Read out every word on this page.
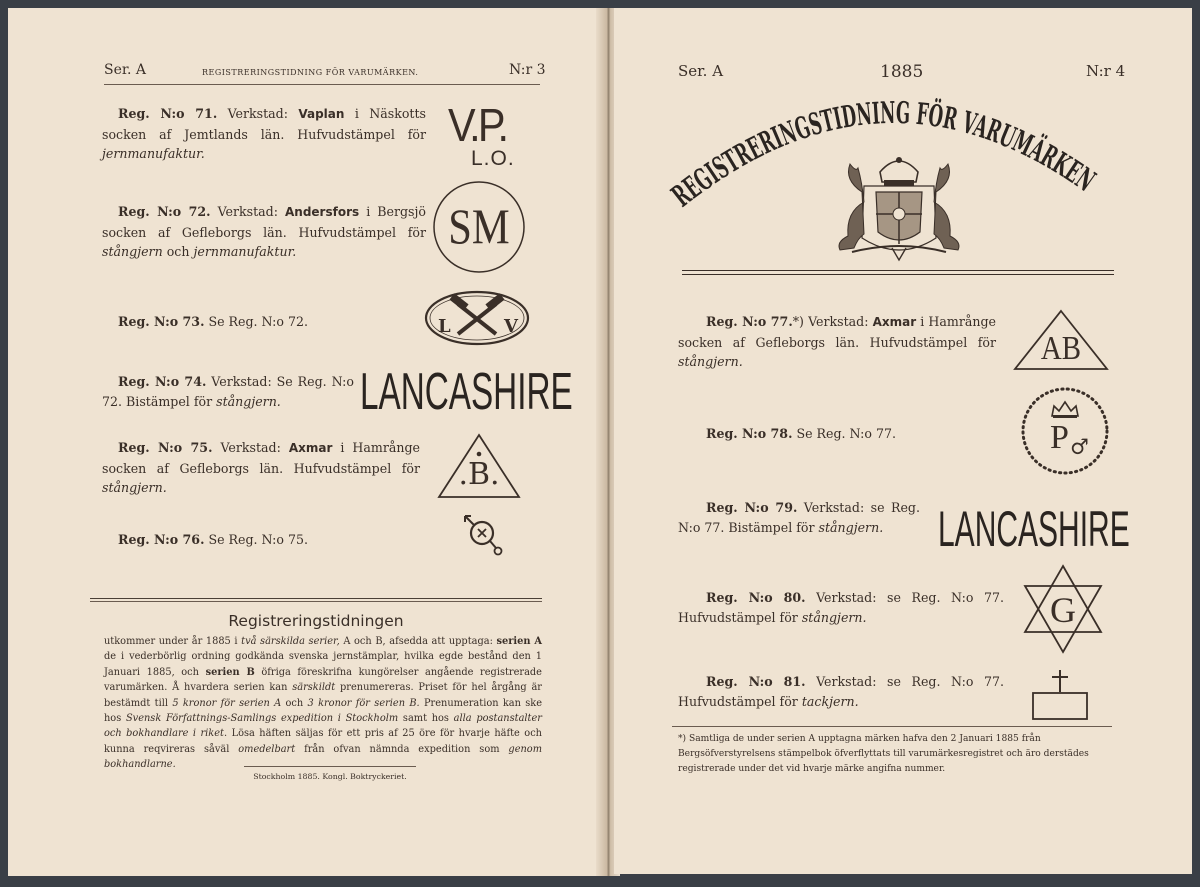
Ser. A	REGISTRERINGSTIDNING FÖR VARUMÄRKEN.	N:r 3
Reg. N:o 71. Verkstad: Vaplan i Näskotts socken af Jemtlands län. Hufvudstämpel för jernmanufaktur.
V.P.
L.O.
Reg. N:o 72. Verkstad: Andersfors i Bergsjö socken af Gefleborgs län. Hufvudstämpel för stångjern och jernmanufaktur.	SM
Reg. N:o 73. Se Reg. N:o 72.	L	V
Reg. N:o 74. Verkstad: Se Reg. N:o 72. Bistämpel för stångjern.	LANCASHIRE
Reg. N:o 75. Verkstad: Axmar i Hamrånge socken af Gefleborgs län. Hufvudstämpel för stångjern.	.B.
Reg. N:o 76. Se Reg. N:o 75.
Registreringstidningen
utkommer under år 1885 i två särskilda serier, A och B, afsedda att upptaga: serien A de i vederbörlig ordning godkända svenska jernstämplar, hvilka egde bestånd den 1 Januari 1885, och serien B öfriga föreskrifna kungörelser angående registrerade varumärken. Å hvardera serien kan särskildt prenumereras. Priset för hel årgång är bestämdt till 5 kronor för serien A och 3 kronor för serien B. Prenumeration kan ske hos Svensk Författnings-Samlings expedition i Stockholm samt hos alla postanstalter och bokhandlare i riket. Lösa häften säljas för ett pris af 25 öre för hvarje häfte och kunna reqvireras såväl omedelbart från ofvan nämnda expedition som genom bokhandlarne.
Stockholm 1885. Kongl. Boktryckeriet.
Ser. A	1885	N:r 4
REGISTRERINGSTIDNING FÖR VARUMÄRKEN
Reg. N:o 77.*) Verkstad: Axmar i Hamrånge socken af Gefleborgs län. Hufvudstämpel för stångjern.	AB
Reg. N:o 78. Se Reg. N:o 77.	P ♂
Reg. N:o 79. Verkstad: se Reg. N:o 77. Bistämpel för stångjern.	LANCASHIRE
Reg. N:o 80. Verkstad: se Reg. N:o 77. Hufvudstämpel för stångjern.	G
Reg. N:o 81. Verkstad: se Reg. N:o 77. Hufvudstämpel för tackjern.
*) Samtliga de under serien A upptagna märken hafva den 2 Januari 1885 från Bergsöfverstyrelsens stämpelbok öfverflyttats till varumärkesregistret och äro derstädes registrerade under det vid hvarje märke angifna nummer.
